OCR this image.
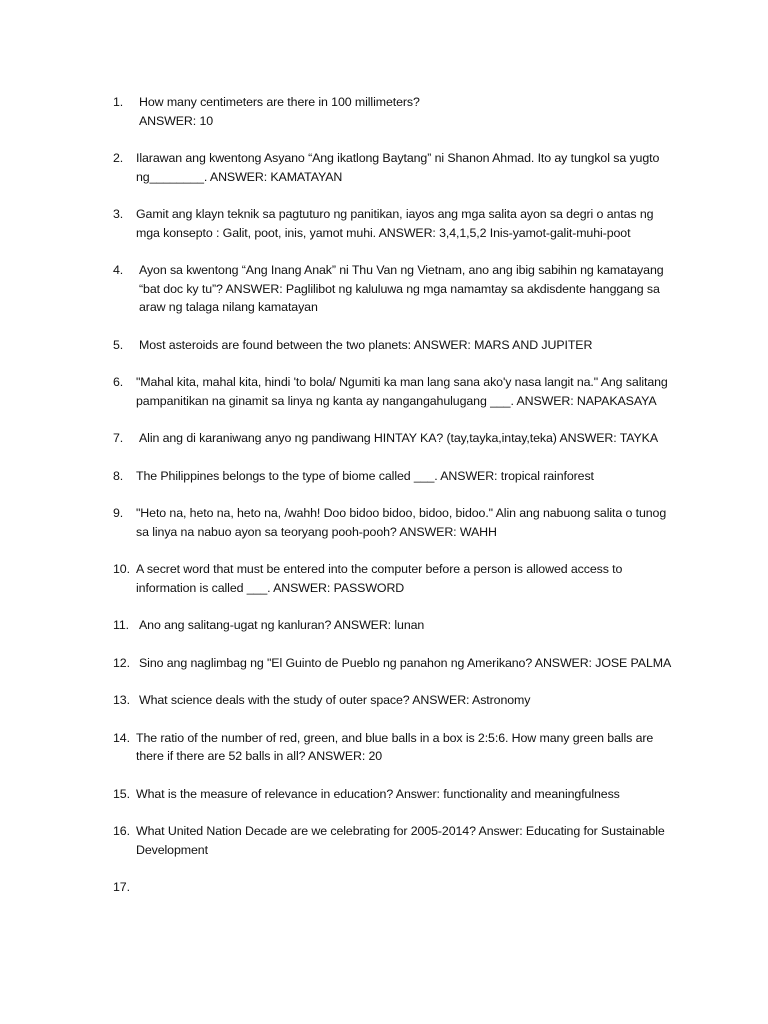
1.	How many centimeters are there in 100 millimeters?
ANSWER: 10
2.	Ilarawan ang kwentong Asyano “Ang ikatlong Baytang” ni Shanon Ahmad. Ito ay tungkol sa yugto ng________. ANSWER: KAMATAYAN
3.	Gamit ang klayn teknik sa pagtuturo ng panitikan, iayos ang mga salita ayon sa degri o antas ng mga konsepto : Galit, poot, inis, yamot muhi. ANSWER: 3,4,1,5,2 Inis-yamot-galit-muhi-poot
4.	Ayon sa kwentong “Ang Inang Anak” ni Thu Van ng Vietnam, ano ang ibig sabihin ng kamatayang “bat doc ky tu”? ANSWER: Paglilibot ng kaluluwa ng mga namamtay sa akdisdente hanggang sa araw ng talaga nilang kamatayan
5.	Most asteroids are found between the two planets: ANSWER: MARS AND JUPITER
6.	"Mahal kita, mahal kita, hindi 'to bola/ Ngumiti ka man lang sana ako'y nasa langit na." Ang salitang pampanitikan na ginamit sa linya ng kanta ay nangangahulugang ___. ANSWER: NAPAKASAYA
7.	Alin ang di karaniwang anyo ng pandiwang HINTAY KA? (tay,tayka,intay,teka) ANSWER: TAYKA
8.	The Philippines belongs to the type of biome called ___. ANSWER: tropical rainforest
9.	"Heto na, heto na, heto na, /wahh! Doo bidoo bidoo, bidoo, bidoo." Alin ang nabuong salita o tunog sa linya na nabuo ayon sa teoryang pooh-pooh? ANSWER: WAHH
10. A secret word that must be entered into the computer before a person is allowed access to information is called ___. ANSWER: PASSWORD
11. Ano ang salitang-ugat ng kanluran? ANSWER: lunan
12. Sino ang naglimbag ng "El Guinto de Pueblo ng panahon ng Amerikano? ANSWER: JOSE PALMA
13. What science deals with the study of outer space? ANSWER: Astronomy
14. The ratio of the number of red, green, and blue balls in a box is 2:5:6. How many green balls are there if there are 52 balls in all? ANSWER: 20
15. What is the measure of relevance in education? Answer: functionality and meaningfulness
16. What United Nation Decade are we celebrating for 2005-2014? Answer: Educating for Sustainable Development
17.
